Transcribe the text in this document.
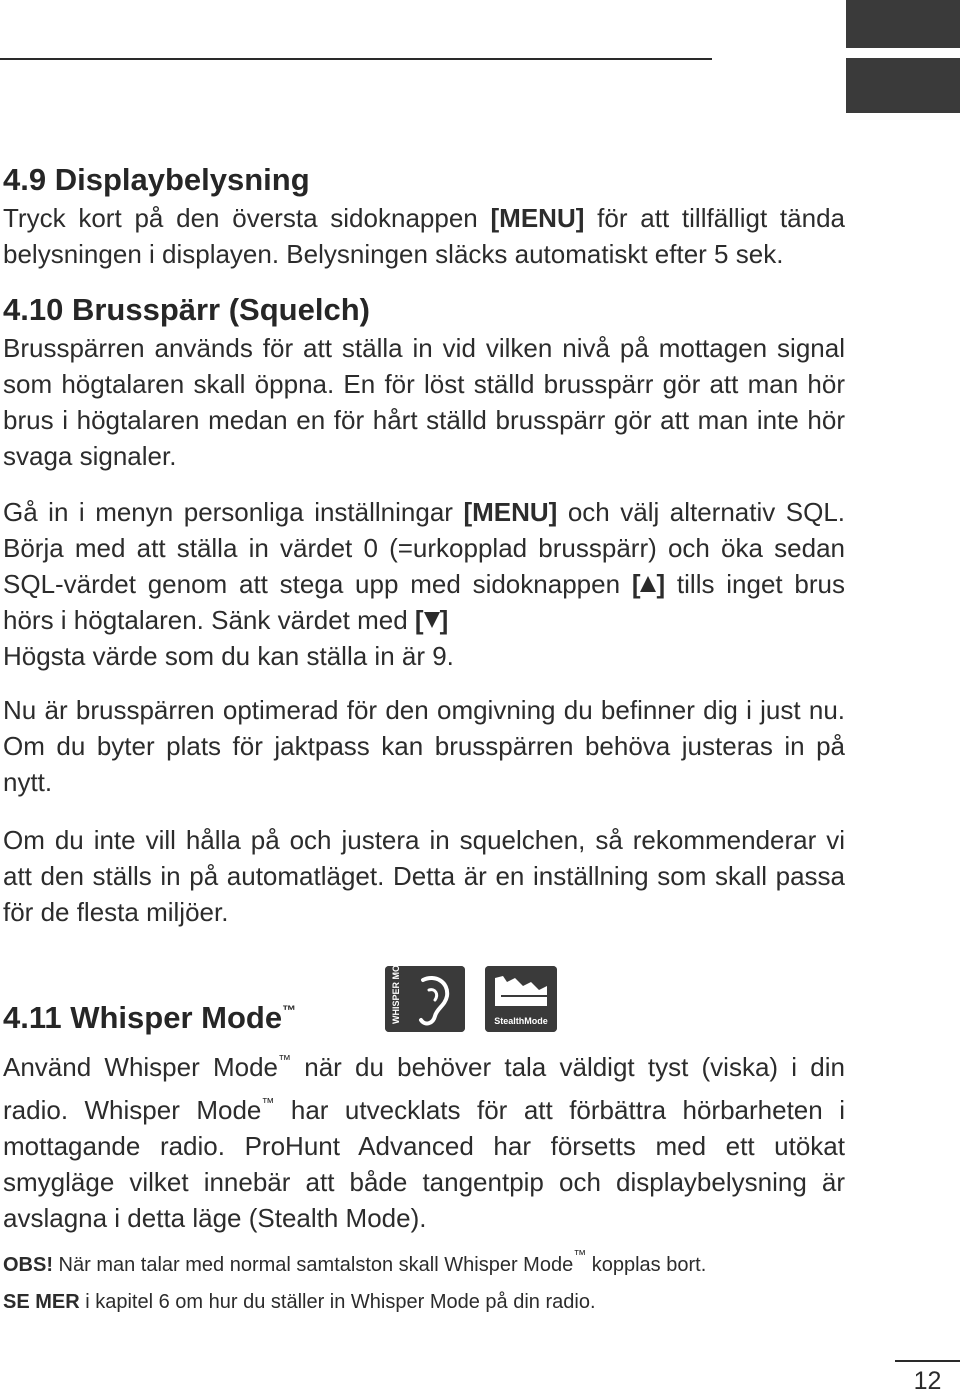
4.9 Displaybelysning

Tryck kort på den översta sidoknappen [MENU] för att tillfälligt tända belysningen i displayen. Belysningen släcks automatiskt efter 5 sek.

4.10 Brusspärr (Squelch)

Brusspärren används för att ställa in vid vilken nivå på mottagen signal som högtalaren skall öppna. En för löst ställd brusspärr gör att man hör brus i högtalaren medan en för hårt ställd brusspärr gör att man inte hör svaga signaler.

Gå in i menyn personliga inställningar [MENU] och välj alternativ SQL. Börja med att ställa in värdet 0 (=urkopplad brusspärr) och öka sedan SQL-värdet genom att stega upp med sidoknappen [ ] tills inget brus hörs i högtalaren. Sänk värdet med [ ]
Högsta värde som du kan ställa in är 9.

Nu är brusspärren optimerad för den omgivning du befinner dig i just nu. Om du byter plats för jaktpass kan brusspärren behöva justeras in på nytt.

Om du inte vill hålla på och justera in squelchen, så rekommenderar vi att den ställs in på automatläget. Detta är en inställning som skall passa för de flesta miljöer.

4.11 Whisper Mode™	WHISPER MODE	StealthMode

Använd Whisper Mode™ när du behöver tala väldigt tyst (viska) i din radio. Whisper Mode™ har utvecklats för att förbättra hörbarheten i mottagande radio. ProHunt Advanced har försetts med ett utökat smygläge vilket innebär att både tangentpip och displaybelysning är avslagna i detta läge (Stealth Mode).

OBS! När man talar med normal samtalston skall Whisper Mode™ kopplas bort.

SE MER i kapitel 6 om hur du ställer in Whisper Mode på din radio.

12
